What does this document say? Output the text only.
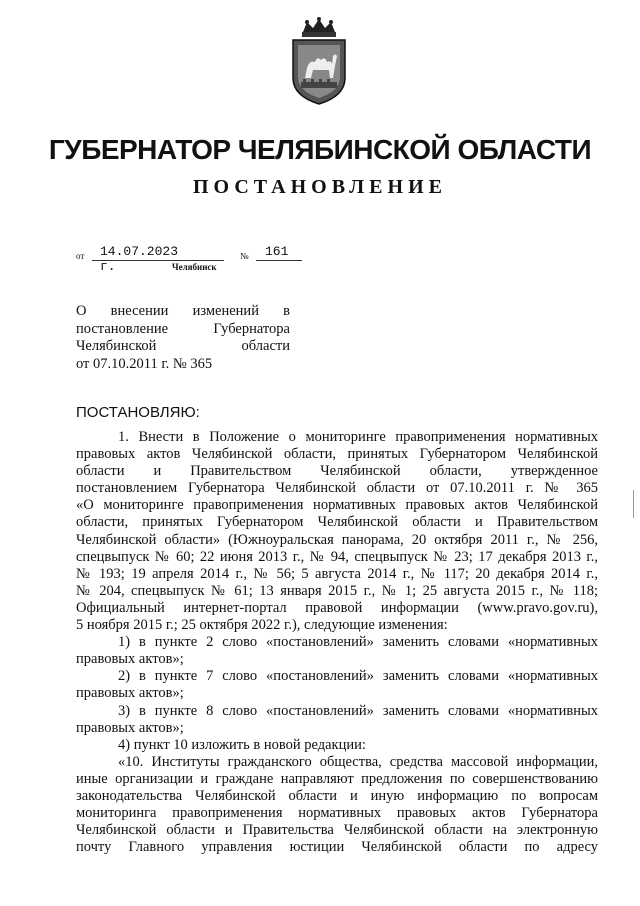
ГУБЕРНАТОР ЧЕЛЯБИНСКОЙ ОБЛАСТИ
ПОСТАНОВЛЕНИЕ
от 14.07.2023 г.
№ 161
Челябинск
О внесении изменений в
постановление Губернатора
Челябинской области
от 07.10.2011 г. № 365
ПОСТАНОВЛЯЮ:
1. Внести в Положение о мониторинге правоприменения нормативных
правовых актов Челябинской области, принятых Губернатором Челябинской
области и Правительством Челябинской области, утвержденное
постановлением Губернатора Челябинской области от 07.10.2011 г. № 365
«О мониторинге правоприменения нормативных правовых актов Челябинской
области, принятых Губернатором Челябинской области и Правительством
Челябинской области» (Южноуральская панорама, 20 октября 2011 г., № 256,
спецвыпуск № 60; 22 июня 2013 г., № 94, спецвыпуск № 23; 17 декабря 2013 г.,
№ 193; 19 апреля 2014 г., № 56; 5 августа 2014 г., № 117; 20 декабря 2014 г.,
№ 204, спецвыпуск № 61; 13 января 2015 г., № 1; 25 августа 2015 г., № 118;
Официальный интернет-портал правовой информации (www.pravo.gov.ru),
5 ноября 2015 г.; 25 октября 2022 г.), следующие изменения:
1) в пункте 2 слово «постановлений» заменить словами «нормативных
правовых актов»;
2) в пункте 7 слово «постановлений» заменить словами «нормативных
правовых актов»;
3) в пункте 8 слово «постановлений» заменить словами «нормативных
правовых актов»;
4) пункт 10 изложить в новой редакции:
«10. Институты гражданского общества, средства массовой информации,
иные организации и граждане направляют предложения по совершенствованию
законодательства Челябинской области и иную информацию по вопросам
мониторинга правоприменения нормативных правовых актов Губернатора
Челябинской области и Правительства Челябинской области на электронную
почту Главного управления юстиции Челябинской области по адресу
